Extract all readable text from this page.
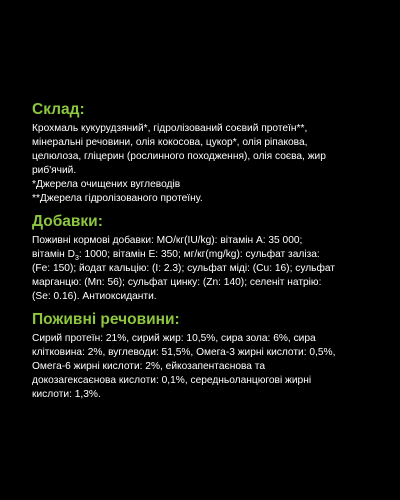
Склад:

Крохмаль кукурудзяний*, гідролізований соєвий протеїн**,
мінеральні речовини, олія кокосова, цукор*, олія ріпакова,
целюлоза, гліцерин (рослинного походження), олія соєва, жир
риб'ячий.
*Джерела очищених вуглеводів
**Джерела гідролізованого протеїну.

Добавки:

Поживні кормові добавки: МО/кг(IU/kg): вітамін А: 35 000;
вітамін $D_3$: 1000; вітамін Е: 350; мг/кг(mg/kg): сульфат заліза:
(Fe: 150); йодат кальцію: (I: 2.3); сульфат міді: (Cu: 16); сульфат
марганцю: (Mn: 56); сульфат цинку: (Zn: 140); селеніт натрію:
(Se: 0.16). Антиоксиданти.

Поживні речовини:

Сирий протеїн: 21%, сирий жир: 10,5%, сира зола: 6%, сира
клітковина: 2%, вуглеводи: 51,5%, Омега-3 жирні кислоти: 0,5%,
Омега-6 жирні кислоти: 2%, ейкозапентаєнова та
докозагексаєнова кислоти: 0,1%, середньоланцюгові жирні
кислоти: 1,3%.
